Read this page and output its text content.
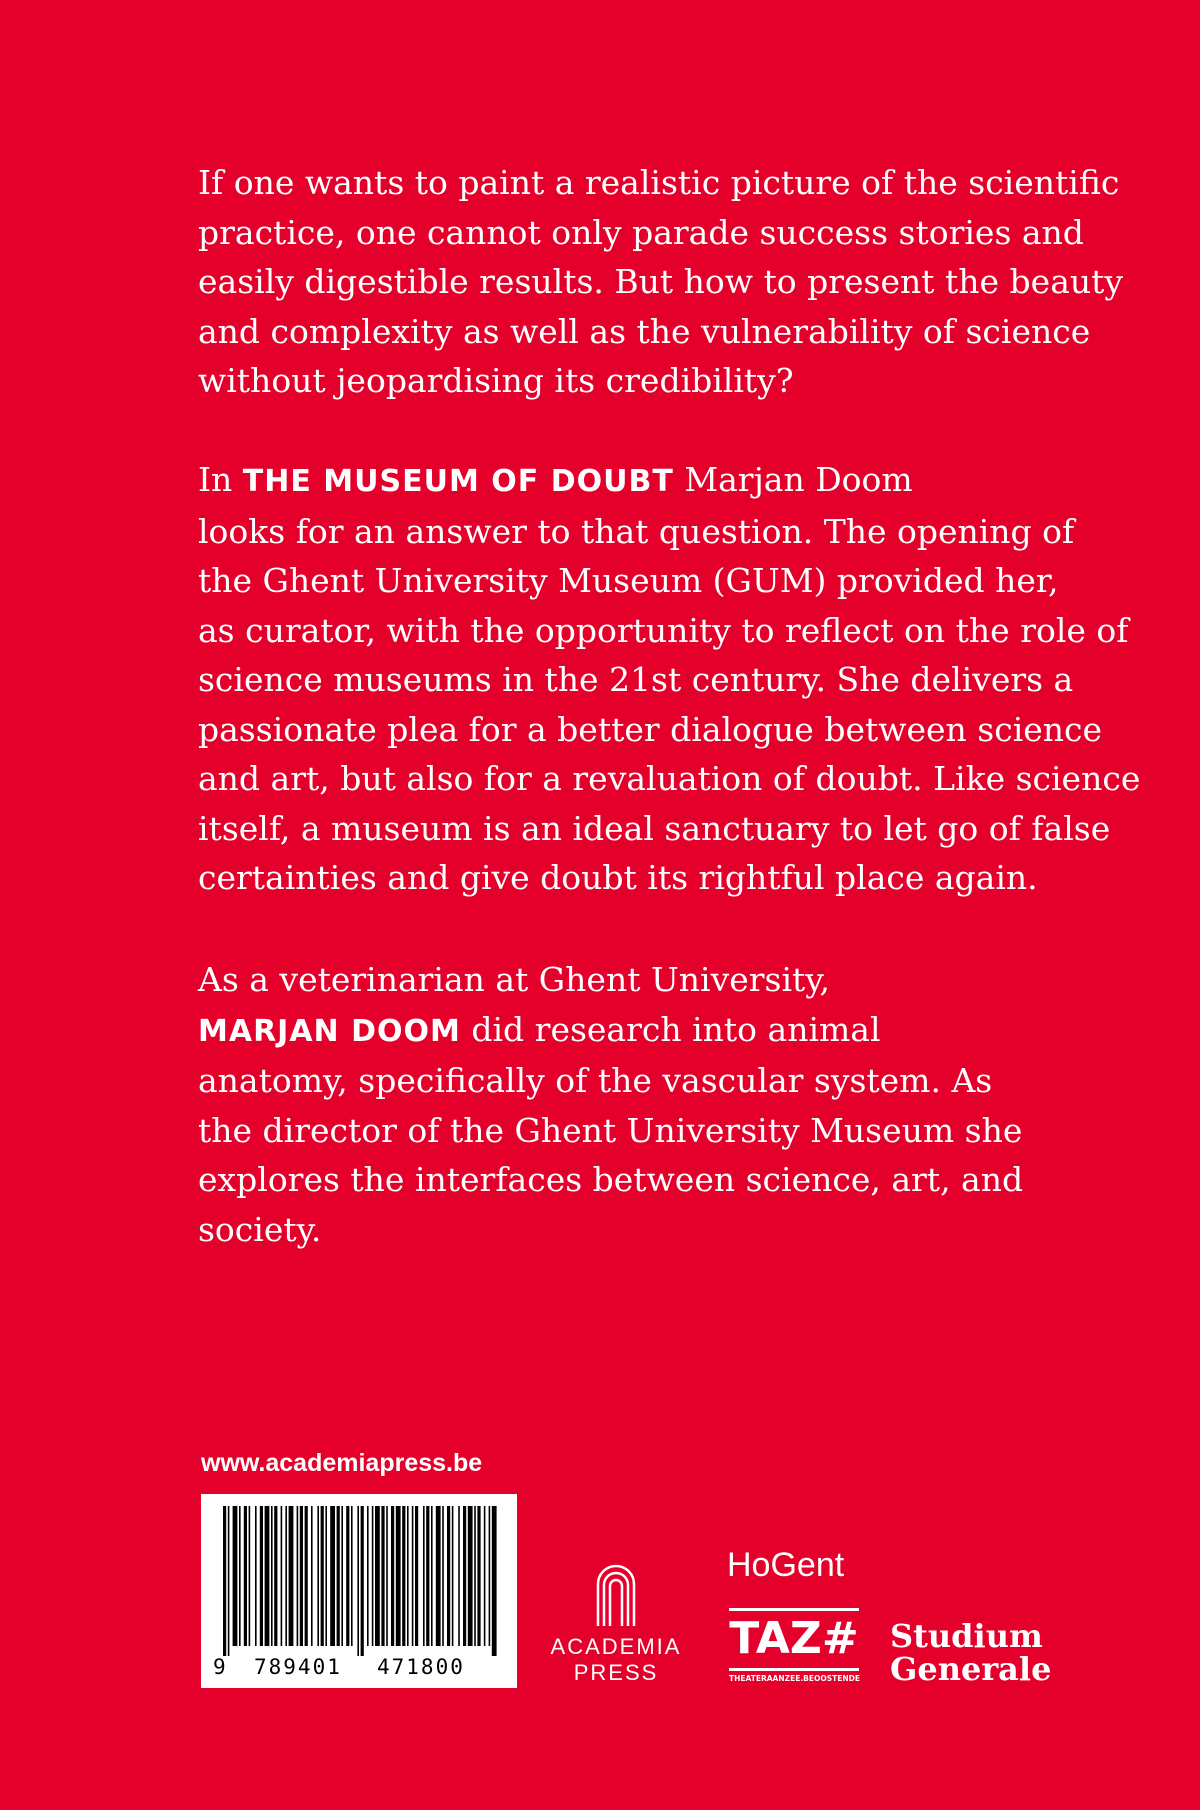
If one wants to paint a realistic picture of the scientific
practice, one cannot only parade success stories and
easily digestible results. But how to present the beauty
and complexity as well as the vulnerability of science
without jeopardising its credibility?
In THE MUSEUM OF DOUBT Marjan Doom
looks for an answer to that question. The opening of
the Ghent University Museum (GUM) provided her,
as curator, with the opportunity to reflect on the role of
science museums in the 21st century. She delivers a
passionate plea for a better dialogue between science
and art, but also for a revaluation of doubt. Like science
itself, a museum is an ideal sanctuary to let go of false
certainties and give doubt its rightful place again.
As a veterinarian at Ghent University,
MARJAN DOOM did research into animal
anatomy, specifically of the vascular system. As
the director of the Ghent University Museum she
explores the interfaces between science, art, and
society.
www.academiapress.be
9 789401 471800
ACADEMIA
PRESS
HoGent
TAZ#
THEATERAANZEE.BE OOSTENDE
Studium
Generale
